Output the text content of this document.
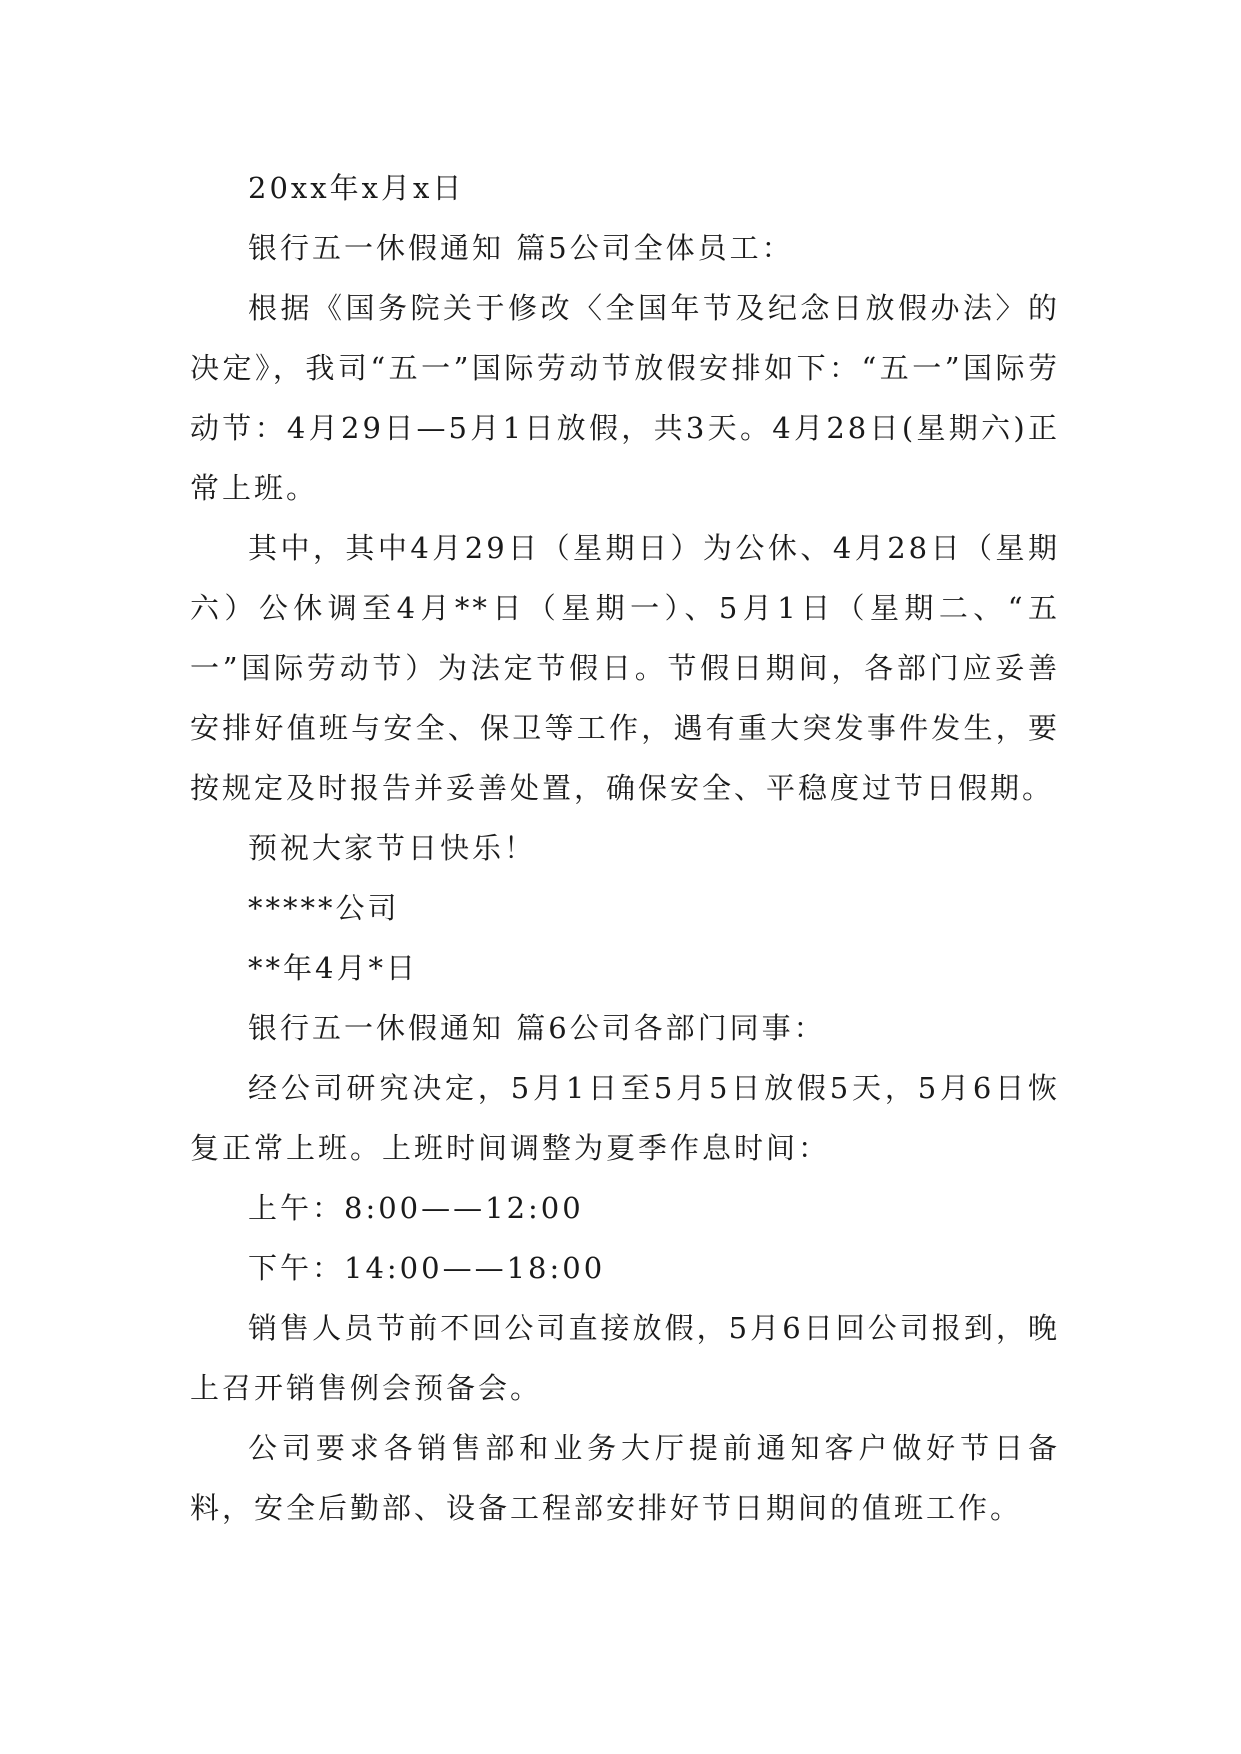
20xx年x月x日

银行五一休假通知 篇5公司全体员工：

根据《国务院关于修改〈全国年节及纪念日放假办法〉的决定》，我司“五一”国际劳动节放假安排如下：“五一”国际劳动节：4月29日—5月1日放假，共3天。4月28日(星期六)正常上班。

其中，其中4月29日（星期日）为公休、4月28日（星期六）公休调至4月**日（星期一）、5月1日（星期二、“五一”国际劳动节）为法定节假日。节假日期间，各部门应妥善安排好值班与安全、保卫等工作，遇有重大突发事件发生，要按规定及时报告并妥善处置，确保安全、平稳度过节日假期。

预祝大家节日快乐！

*****公司

**年4月*日

银行五一休假通知 篇6公司各部门同事：

经公司研究决定，5月1日至5月5日放假5天，5月6日恢复正常上班。上班时间调整为夏季作息时间：

上午：8:00——12:00

下午：14:00——18:00

销售人员节前不回公司直接放假，5月6日回公司报到，晚上召开销售例会预备会。

公司要求各销售部和业务大厅提前通知客户做好节日备料，安全后勤部、设备工程部安排好节日期间的值班工作。
